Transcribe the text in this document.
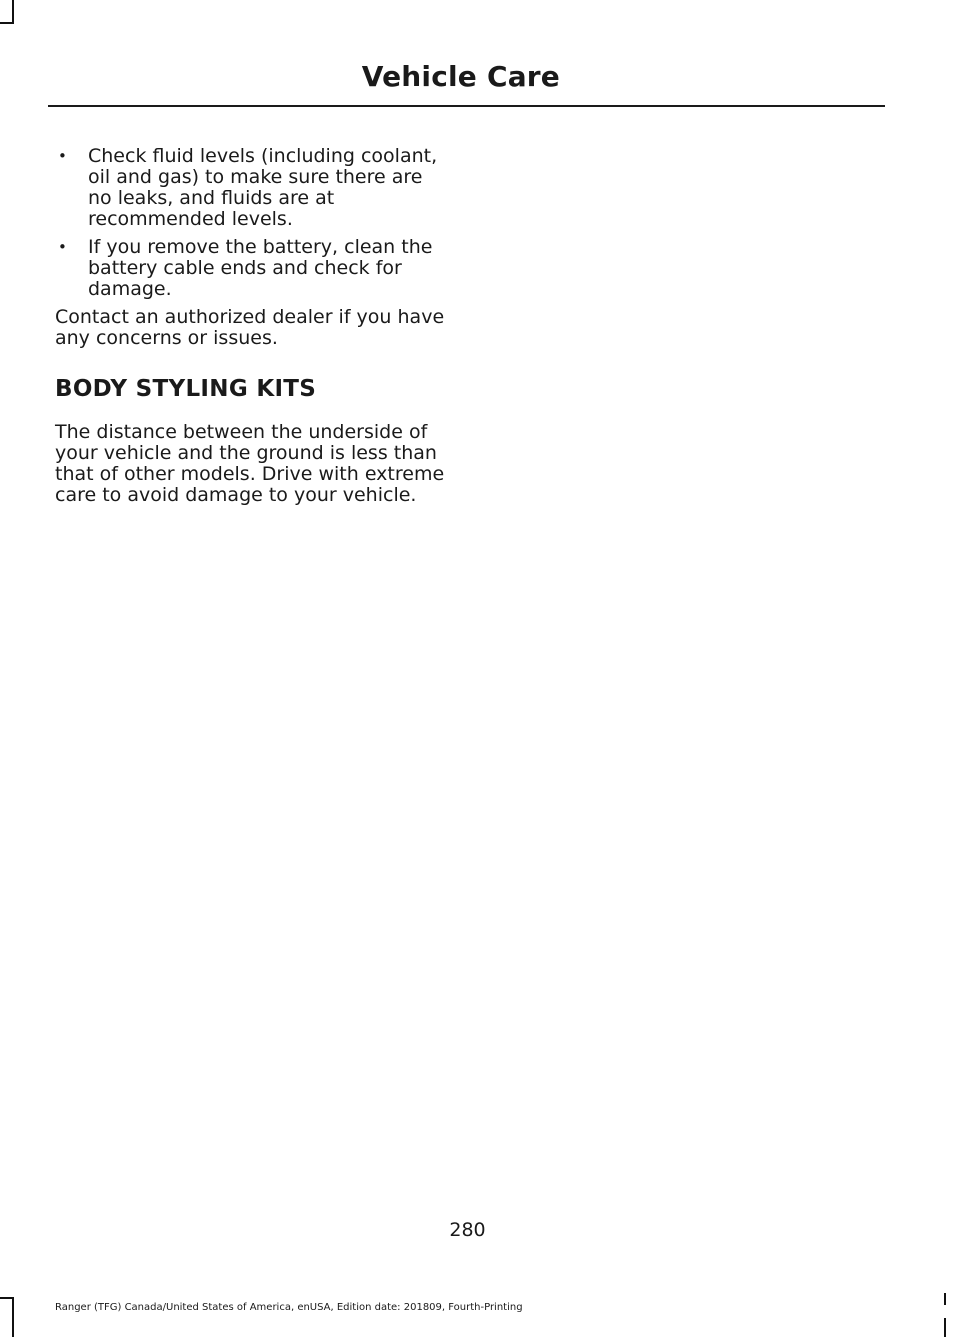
Vehicle Care
• Check fluid levels (including coolant, oil and gas) to make sure there are no leaks, and fluids are at recommended levels.
• If you remove the battery, clean the battery cable ends and check for damage.

Contact an authorized dealer if you have any concerns or issues.

BODY STYLING KITS

The distance between the underside of your vehicle and the ground is less than that of other models. Drive with extreme care to avoid damage to your vehicle.

280
Ranger (TFG) Canada/United States of America, enUSA, Edition date: 201809, Fourth-Printing
